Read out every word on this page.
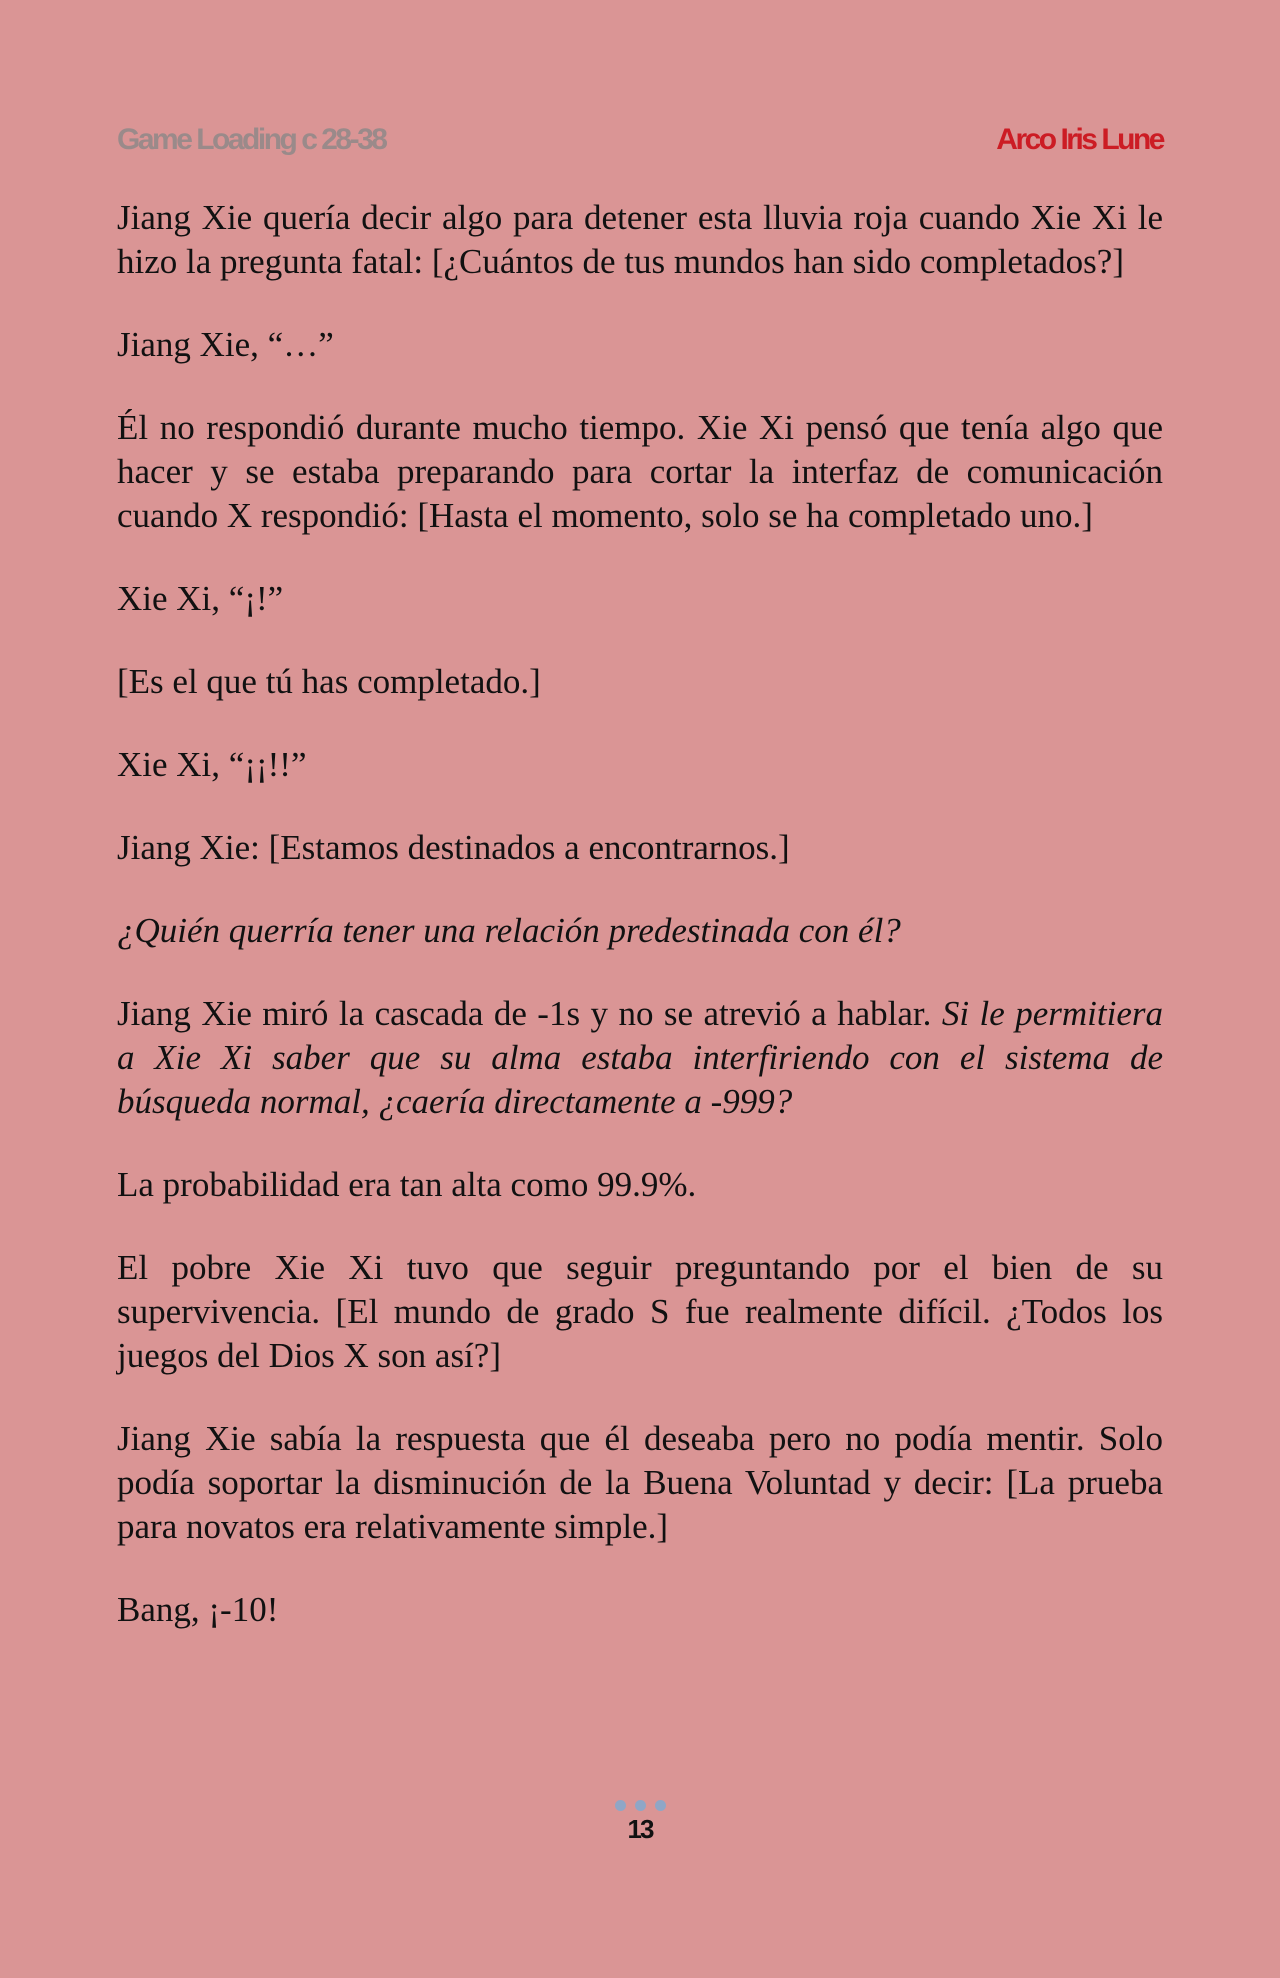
Game Loading c 28-38	Arco Iris Lune

Jiang Xie quería decir algo para detener esta lluvia roja cuando Xie Xi le hizo la pregunta fatal: [¿Cuántos de tus mundos han sido completados?]

Jiang Xie, “…”

Él no respondió durante mucho tiempo. Xie Xi pensó que tenía algo que hacer y se estaba preparando para cortar la interfaz de comunicación cuando X respondió: [Hasta el momento, solo se ha completado uno.]

Xie Xi, “¡!”

[Es el que tú has completado.]

Xie Xi, “¡¡!!”

Jiang Xie: [Estamos destinados a encontrarnos.]

¿Quién querría tener una relación predestinada con él?

Jiang Xie miró la cascada de -1s y no se atrevió a hablar. Si le permitiera a Xie Xi saber que su alma estaba interfiriendo con el sistema de búsqueda normal, ¿caería directamente a -999?

La probabilidad era tan alta como 99.9%.

El pobre Xie Xi tuvo que seguir preguntando por el bien de su supervivencia. [El mundo de grado S fue realmente difícil. ¿Todos los juegos del Dios X son así?]

Jiang Xie sabía la respuesta que él deseaba pero no podía mentir. Solo podía soportar la disminución de la Buena Voluntad y decir: [La prueba para novatos era relativamente simple.]

Bang, ¡-10!

13
